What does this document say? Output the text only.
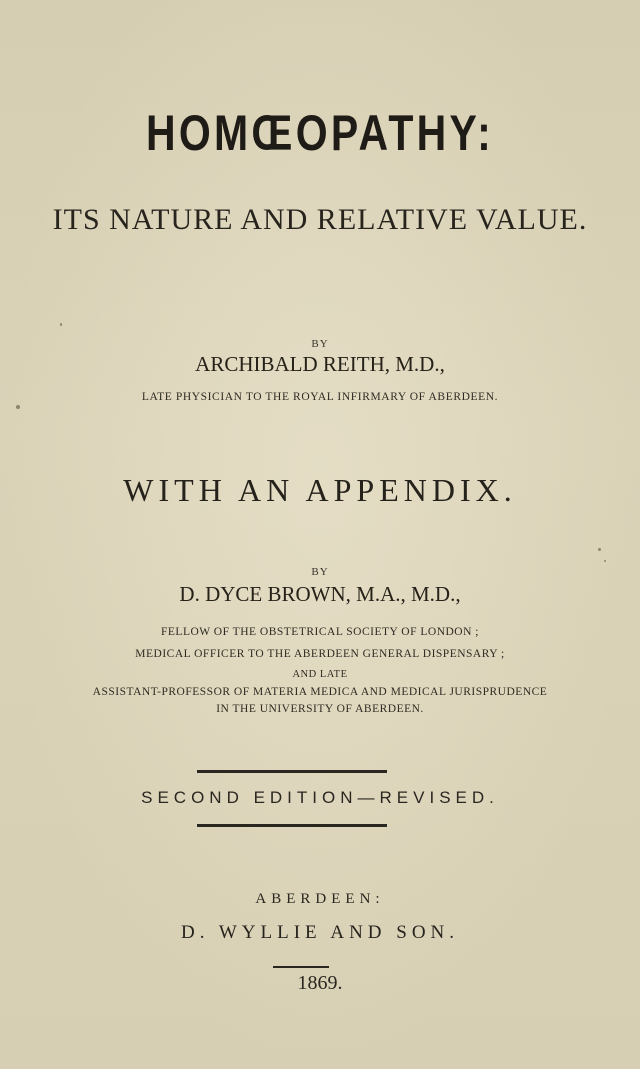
HOMŒOPATHY:
ITS NATURE AND RELATIVE VALUE.
BY
ARCHIBALD REITH, M.D.,
LATE PHYSICIAN TO THE ROYAL INFIRMARY OF ABERDEEN.
WITH AN APPENDIX.
BY
D. DYCE BROWN, M.A., M.D.,
FELLOW OF THE OBSTETRICAL SOCIETY OF LONDON ;
MEDICAL OFFICER TO THE ABERDEEN GENERAL DISPENSARY ;
AND LATE
ASSISTANT-PROFESSOR OF MATERIA MEDICA AND MEDICAL JURISPRUDENCE
IN THE UNIVERSITY OF ABERDEEN.
SECOND EDITION—REVISED.
ABERDEEN:
D. WYLLIE AND SON.
1869.
